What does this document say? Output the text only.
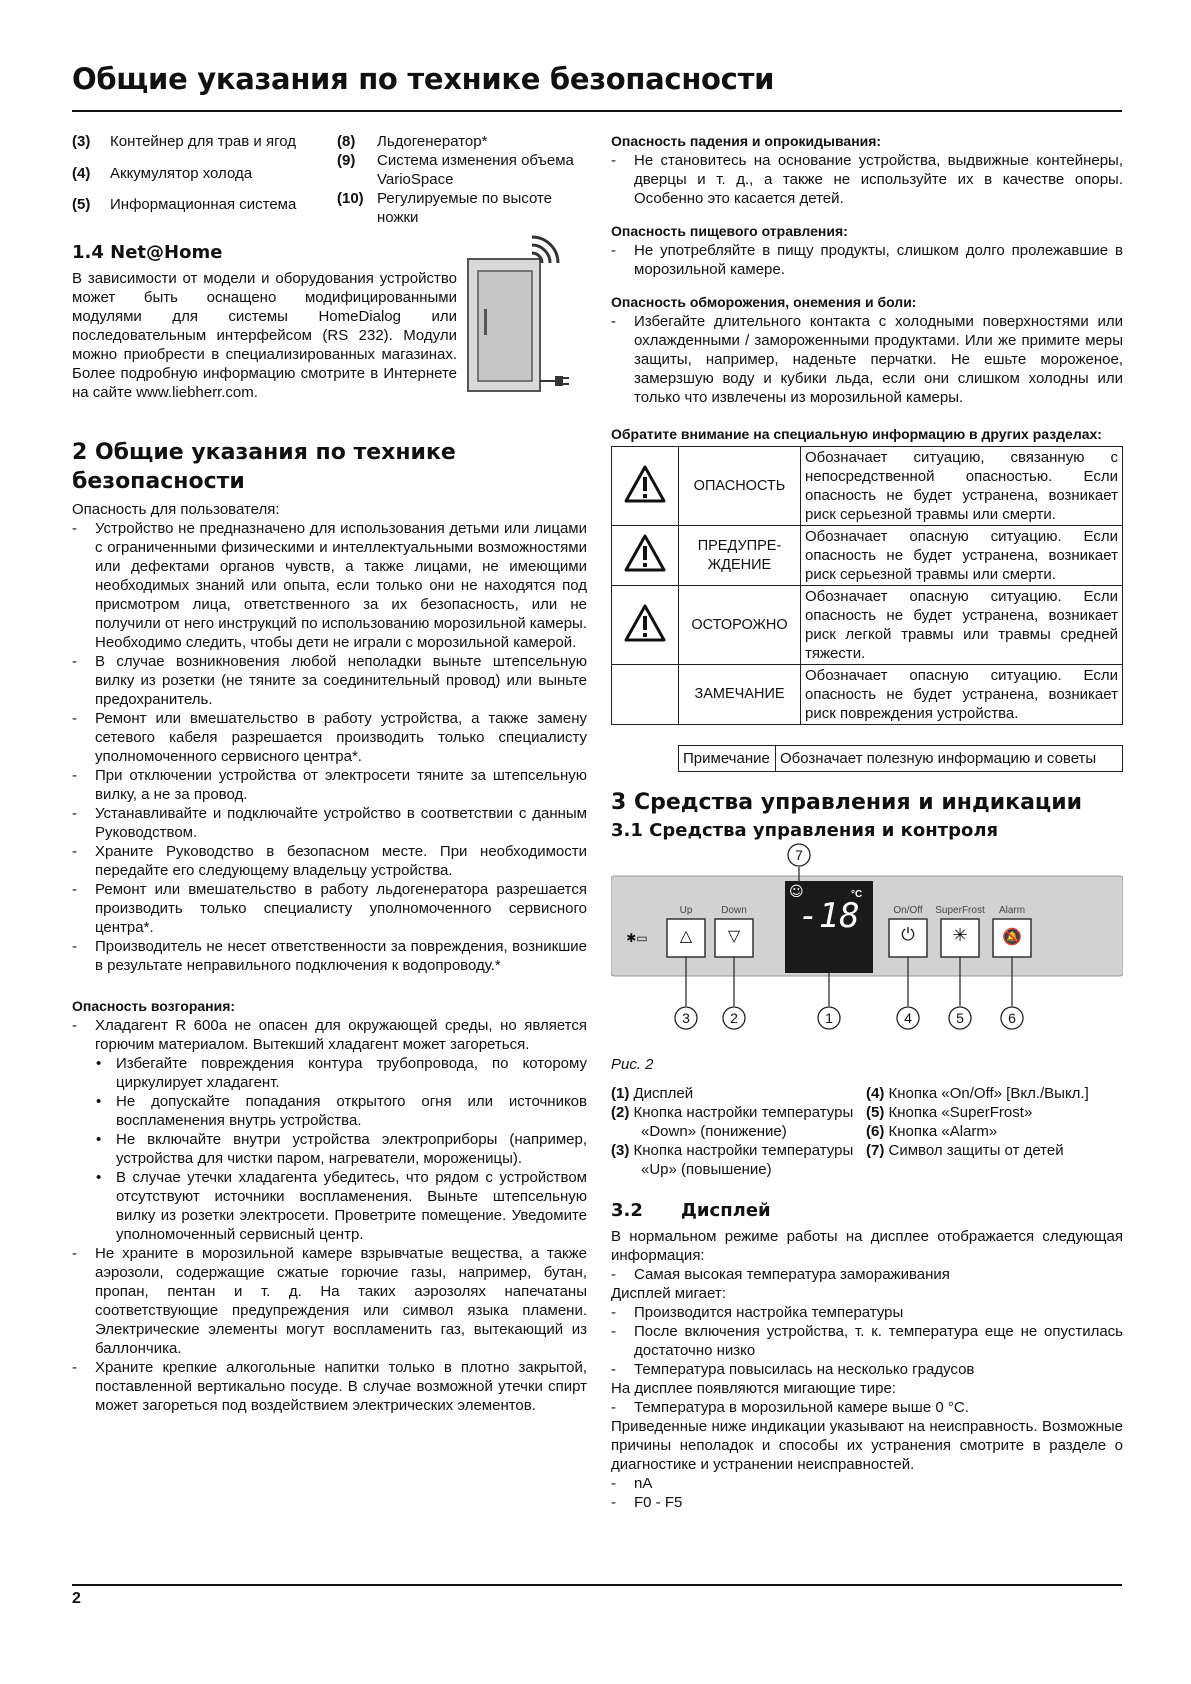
Общие указания по технике безопасности
(3)	Контейнер для трав и ягод
(4)	Аккумулятор холода
(5)	Информационная система
(8)	Льдогенератор*
(9)	Система изменения объема VarioSpace
(10)	Регулируемые по высоте ножки
1.4 Net@Home
В зависимости от модели и оборудования устройство может быть оснащено модифицированными модулями для системы HomeDialog или последовательным интерфейсом (RS 232). Модули можно приобрести в специализированных магазинах. Более подробную информацию смотрите в Интернете на сайте www.liebherr.com.
2 Общие указания по технике безопасности
Опасность для пользователя:
- Устройство не предназначено для использования детьми или лицами с ограниченными физическими и интеллектуальными возможностями или дефектами органов чувств, а также лицами, не имеющими необходимых знаний или опыта, если только они не находятся под присмотром лица, ответственного за их безопасность, или не получили от него инструкций по использованию морозильной камеры. Необходимо следить, чтобы дети не играли с морозильной камерой.
- В случае возникновения любой неполадки выньте штепсельную вилку из розетки (не тяните за соединительный провод) или выньте предохранитель.
- Ремонт или вмешательство в работу устройства, а также замену сетевого кабеля разрешается производить только специалисту уполномоченного сервисного центра*.
- При отключении устройства от электросети тяните за штепсельную вилку, а не за провод.
- Устанавливайте и подключайте устройство в соответствии с данным Руководством.
- Храните Руководство в безопасном месте. При необходимости передайте его следующему владельцу устройства.
- Ремонт или вмешательство в работу льдогенератора разрешается производить только специалисту уполномоченного сервисного центра*.
- Производитель не несет ответственности за повреждения, возникшие в результате неправильного подключения к водопроводу.*
Опасность возгорания:
- Хладагент R 600a не опасен для окружающей среды, но является горючим материалом. Вытекший хладагент может загореться.
• Избегайте повреждения контура трубопровода, по которому циркулирует хладагент.
• Не допускайте попадания открытого огня или источников воспламенения внутрь устройства.
• Не включайте внутри устройства электроприборы (например, устройства для чистки паром, нагреватели, мороженицы).
• В случае утечки хладагента убедитесь, что рядом с устройством отсутствуют источники воспламенения. Выньте штепсельную вилку из розетки электросети. Проветрите помещение. Уведомите уполномоченный сервисный центр.
- Не храните в морозильной камере взрывчатые вещества, а также аэрозоли, содержащие сжатые горючие газы, например, бутан, пропан, пентан и т. д. На таких аэрозолях напечатаны соответствующие предупреждения или символ языка пламени. Электрические элементы могут воспламенить газ, вытекающий из баллончика.
- Храните крепкие алкогольные напитки только в плотно закрытой, поставленной вертикально посуде. В случае возможной утечки спирт может загореться под воздействием электрических элементов.
Опасность падения и опрокидывания:
- Не становитесь на основание устройства, выдвижные контейнеры, дверцы и т. д., а также не используйте их в качестве опоры. Особенно это касается детей.
Опасность пищевого отравления:
- Не употребляйте в пищу продукты, слишком долго пролежавшие в морозильной камере.
Опасность обморожения, онемения и боли:
- Избегайте длительного контакта с холодными поверхностями или охлажденными / замороженными продуктами. Или же примите меры защиты, например, наденьте перчатки. Не ешьте мороженое, замерзшую воду и кубики льда, если они слишком холодны или только что извлечены из морозильной камеры.
Обратите внимание на специальную информацию в других разделах:
	ОПАСНОСТЬ	Обозначает ситуацию, связанную с непосредственной опасностью. Если опасность не будет устранена, возникает риск серьезной травмы или смерти.
	ПРЕДУПРЕ-ЖДЕНИЕ	Обозначает опасную ситуацию. Если опасность не будет устранена, возникает риск серьезной травмы или смерти.
	ОСТОРОЖНО	Обозначает опасную ситуацию. Если опасность не будет устранена, возникает риск легкой травмы или травмы средней тяжести.
	ЗАМЕЧАНИЕ	Обозначает опасную ситуацию. Если опасность не будет устранена, возникает риск повреждения устройства.
Примечание	Обозначает полезную информацию и советы
3 Средства управления и индикации
3.1 Средства управления и контроля
Up	Down	On/Off	SuperFrost	Alarm
△	▽	⏻	✳	🔕
✱▭
☺	°C
-18
3	2	1	4	5	6
7
Рис. 2
(1) Дисплей
(2) Кнопка настройки температуры «Down» (понижение)
(3) Кнопка настройки температуры «Up» (повышение)
(4) Кнопка «On/Off» [Вкл./Выкл.]
(5) Кнопка «SuperFrost»
(6) Кнопка «Alarm»
(7) Символ защиты от детей
3.2 Дисплей
В нормальном режиме работы на дисплее отображается следующая информация:
- Самая высокая температура замораживания
Дисплей мигает:
- Производится настройка температуры
- После включения устройства, т. к. температура еще не опустилась достаточно низко
- Температура повысилась на несколько градусов
На дисплее появляются мигающие тире:
- Температура в морозильной камере выше 0 °С.
Приведенные ниже индикации указывают на неисправность. Возможные причины неполадок и способы их устранения смотрите в разделе о диагностике и устранении неисправностей.
- nA
- F0 - F5
2
